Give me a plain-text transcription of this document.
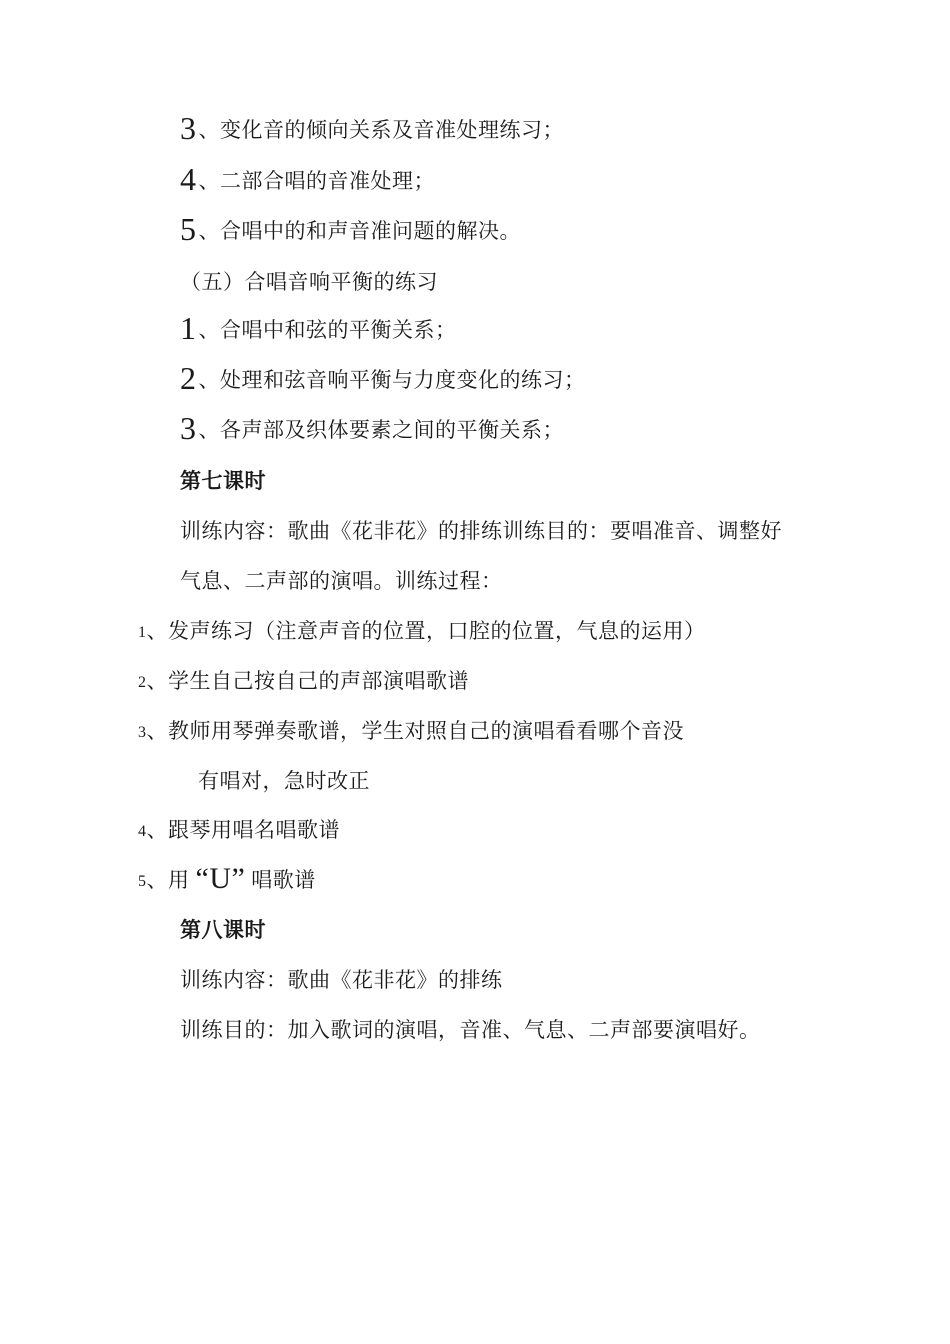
3、变化音的倾向关系及音准处理练习；
4、二部合唱的音准处理；
5、合唱中的和声音准问题的解决。
（五）合唱音响平衡的练习
1、合唱中和弦的平衡关系；
2、处理和弦音响平衡与力度变化的练习；
3、各声部及织体要素之间的平衡关系；
第七课时
训练内容：歌曲《花非花》的排练训练目的：要唱准音、调整好
气息、二声部的演唱。训练过程：
1、发声练习（注意声音的位置，口腔的位置，气息的运用）
2、学生自己按自己的声部演唱歌谱
3、教师用琴弹奏歌谱，学生对照自己的演唱看看哪个音没
有唱对，急时改正
4、跟琴用唱名唱歌谱
5、用 “U” 唱歌谱
第八课时
训练内容：歌曲《花非花》的排练
训练目的：加入歌词的演唱，音准、气息、二声部要演唱好。
